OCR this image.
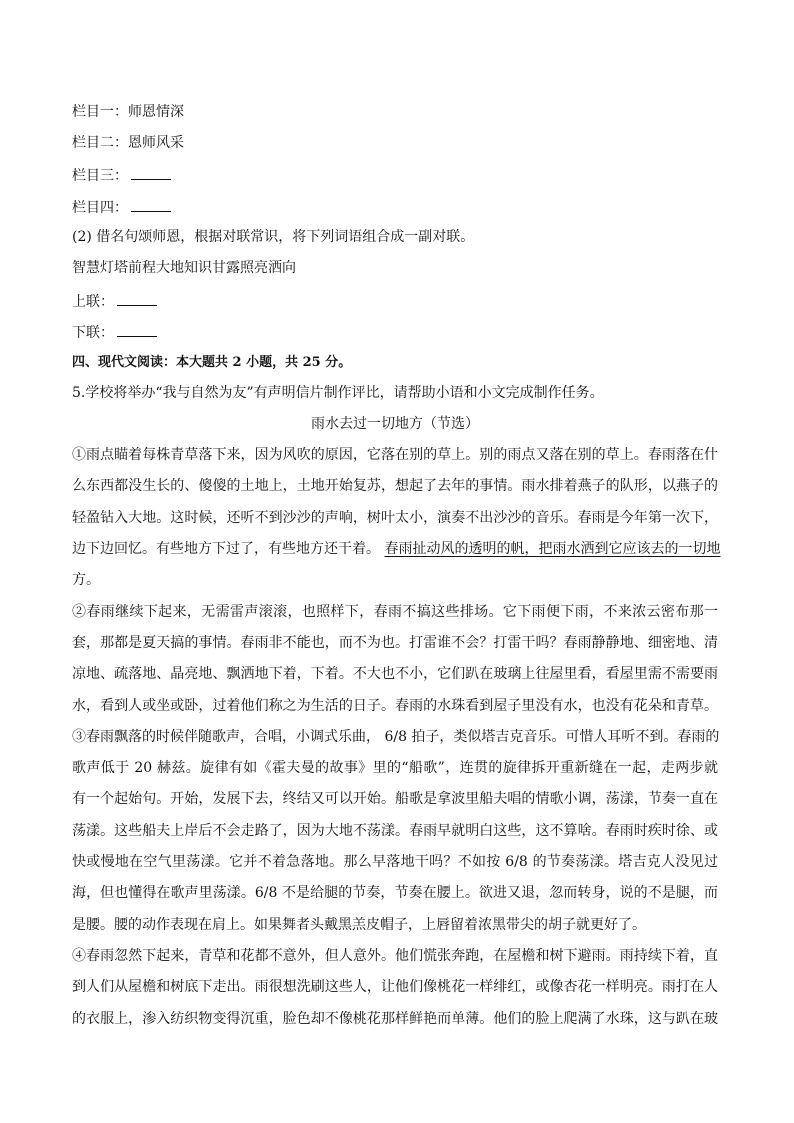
栏目一：师恩情深
栏目二：恩师风采
栏目三：
栏目四：
(2) 借名句颂师恩，根据对联常识，将下列词语组合成一副对联。
智慧灯塔前程大地知识甘露照亮洒向
上联：
下联：
四、现代文阅读：本大题共 2 小题，共 25 分。
5.学校将举办“我与自然为友”有声明信片制作评比，请帮助小语和小文完成制作任务。
雨水去过一切地方（节选）
①雨点瞄着每株青草落下来，因为风吹的原因，它落在别的草上。别的雨点又落在别的草上。春雨落在什
么东西都没生长的、傻傻的土地上，土地开始复苏，想起了去年的事情。雨水排着燕子的队形，以燕子的
轻盈钻入大地。这时候，还听不到沙沙的声响，树叶太小，演奏不出沙沙的音乐。春雨是今年第一次下，
边下边回忆。有些地方下过了，有些地方还干着。 春雨扯动风的透明的帆，把雨水洒到它应该去的一切地
方。
②春雨继续下起来，无需雷声滚滚，也照样下，春雨不搞这些排场。它下雨便下雨，不来浓云密布那一
套，那都是夏天搞的事情。春雨非不能也，而不为也。打雷谁不会？打雷干吗？春雨静静地、细密地、清
凉地、疏落地、晶亮地、飘洒地下着，下着。不大也不小，它们趴在玻璃上往屋里看，看屋里需不需要雨
水，看到人或坐或卧，过着他们称之为生活的日子。春雨的水珠看到屋子里没有水，也没有花朵和青草。
③春雨飘落的时候伴随歌声，合唱，小调式乐曲， 6/8 拍子，类似塔吉克音乐。可惜人耳听不到。春雨的
歌声低于 20 赫兹。旋律有如《霍夫曼的故事》里的“船歌”，连贯的旋律拆开重新缝在一起，走两步就
有一个起始句。开始，发展下去，终结又可以开始。船歌是拿波里船夫唱的情歌小调，荡漾，节奏一直在
荡漾。这些船夫上岸后不会走路了，因为大地不荡漾。春雨早就明白这些，这不算啥。春雨时疾时徐、或
快或慢地在空气里荡漾。它并不着急落地。那么早落地干吗？不如按 6/8 的节奏荡漾。塔吉克人没见过
海，但也懂得在歌声里荡漾。6/8 不是给腿的节奏，节奏在腰上。欲进又退，忽而转身，说的不是腿，而
是腰。腰的动作表现在肩上。如果舞者头戴黑羔皮帽子，上唇留着浓黑带尖的胡子就更好了。
④春雨忽然下起来，青草和花都不意外，但人意外。他们慌张奔跑，在屋檐和树下避雨。雨持续下着，直
到人们从屋檐和树底下走出。雨很想洗刷这些人，让他们像桃花一样绯红，或像杏花一样明亮。雨打在人
的衣服上，渗入纺织物变得沉重，脸色却不像桃花那样鲜艳而单薄。他们的脸上爬满了水珠，这与趴在玻
